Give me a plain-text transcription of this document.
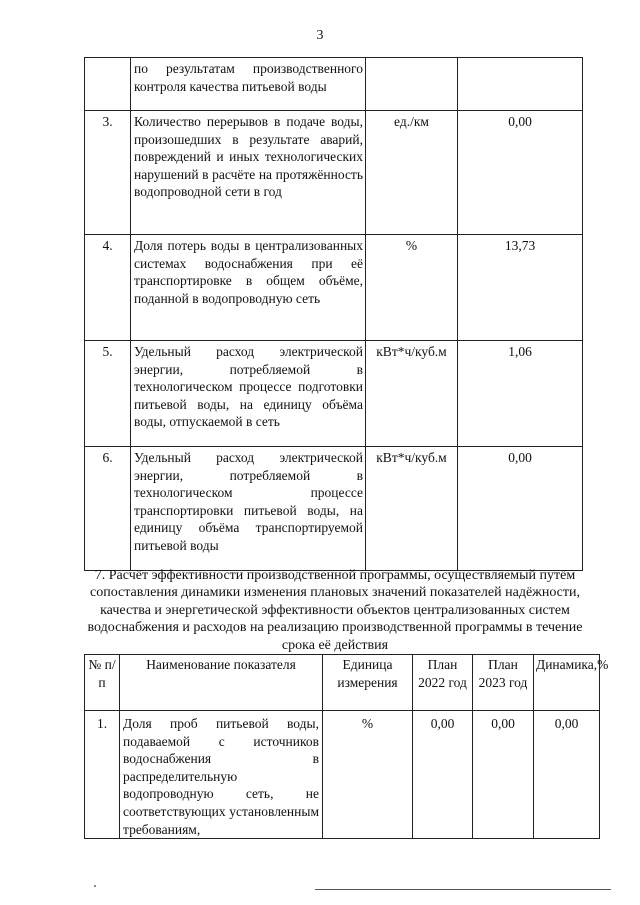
3
	по результатам производственного контроля качества питьевой воды		
3.	Количество перерывов в подаче воды, произошедших в результате аварий, повреждений и иных технологических нарушений в расчёте на протяжённость водопроводной сети в год	ед./км	0,00
4.	Доля потерь воды в централизованных системах водоснабжения при её транспортировке в общем объёме, поданной в водопроводную сеть	%	13,73
5.	Удельный расход электрической энергии, потребляемой в технологическом процессе подготовки питьевой воды, на единицу объёма воды, отпускаемой в сеть	кВт*ч/куб.м	1,06
6.	Удельный расход электрической энергии, потребляемой в технологическом процессе транспортировки питьевой воды, на единицу объёма транспортируемой питьевой воды	кВт*ч/куб.м	0,00
7. Расчёт эффективности производственной программы, осуществляемый путём сопоставления динамики изменения плановых значений показателей надёжности, качества и энергетической эффективности объектов централизованных систем водоснабжения и расходов на реализацию производственной программы в течение срока её действия
№ п/п	Наименование показателя	Единица измерения	План 2022 год	План 2023 год	Динамика,%
1.	Доля проб питьевой воды, подаваемой с источников водоснабжения в распределительную водопроводную сеть, не соответствующих установленным требованиям,	%	0,00	0,00	0,00
